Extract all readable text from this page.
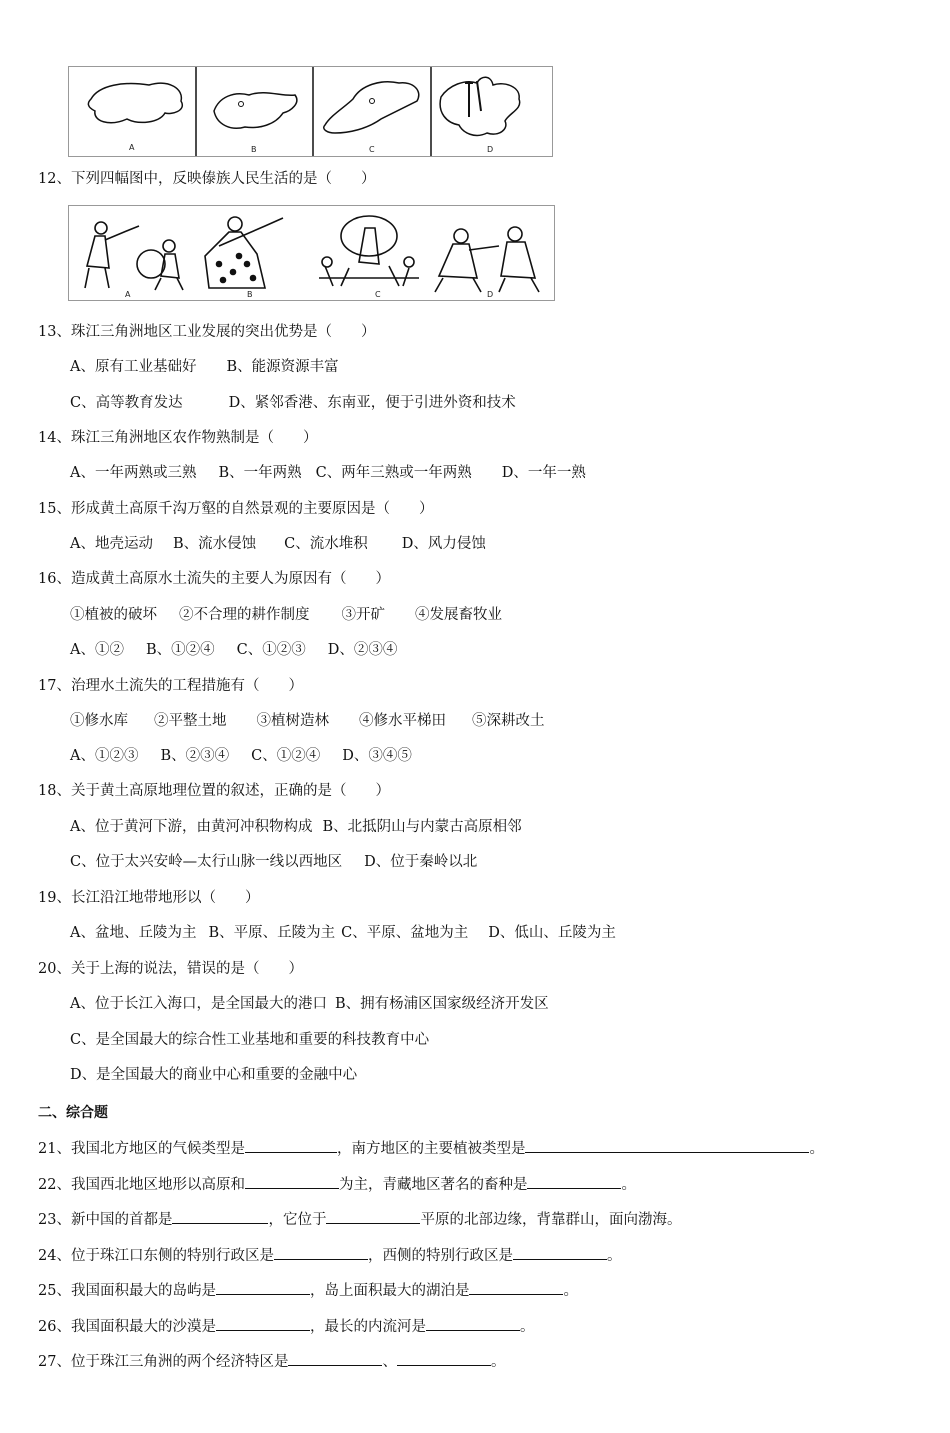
A	B	C	D
12、下列四幅图中，反映傣族人民生活的是（　　）
A	B	C	D
13、珠江三角洲地区工业发展的突出优势是（　　）
A、原有工业基础好 B、能源资源丰富
C、高等教育发达	D、紧邻香港、东南亚，便于引进外资和技术
14、珠江三角洲地区农作物熟制是（　　）
A、一年两熟或三熟 B、一年两熟 C、两年三熟或一年两熟 D、一年一熟
15、形成黄土高原千沟万壑的自然景观的主要原因是（　　）
A、地壳运动 B、流水侵蚀 C、流水堆积 D、风力侵蚀
16、造成黄土高原水土流失的主要人为原因有（　　）
①植被的破坏 ②不合理的耕作制度 ③开矿 ④发展畜牧业
A、①② B、①②④ C、①②③ D、②③④
17、治理水土流失的工程措施有（　　）
①修水库 ②平整土地 ③植树造林 ④修水平梯田 ⑤深耕改土
A、①②③ B、②③④ C、①②④ D、③④⑤
18、关于黄土高原地理位置的叙述，正确的是（　　）
A、位于黄河下游，由黄河冲积物构成 B、北抵阴山与内蒙古高原相邻
C、位于太兴安岭—太行山脉一线以西地区 D、位于秦岭以北
19、长江沿江地带地形以（　　）
A、盆地、丘陵为主 B、平原、丘陵为主 C、平原、盆地为主 D、低山、丘陵为主
20、关于上海的说法，错误的是（　　）
A、位于长江入海口，是全国最大的港口 B、拥有杨浦区国家级经济开发区
C、是全国最大的综合性工业基地和重要的科技教育中心
D、是全国最大的商业中心和重要的金融中心
二、综合题
21、我国北方地区的气候类型是	，南方地区的主要植被类型是	。
22、我国西北地区地形以高原和	为主，青藏地区著名的畜种是	。
23、新中国的首都是	，它位于	平原的北部边缘，背靠群山，面向渤海。
24、位于珠江口东侧的特别行政区是	，西侧的特别行政区是	。
25、我国面积最大的岛屿是	，岛上面积最大的湖泊是	。
26、我国面积最大的沙漠是	，最长的内流河是	。
27、位于珠江三角洲的两个经济特区是	、	。
